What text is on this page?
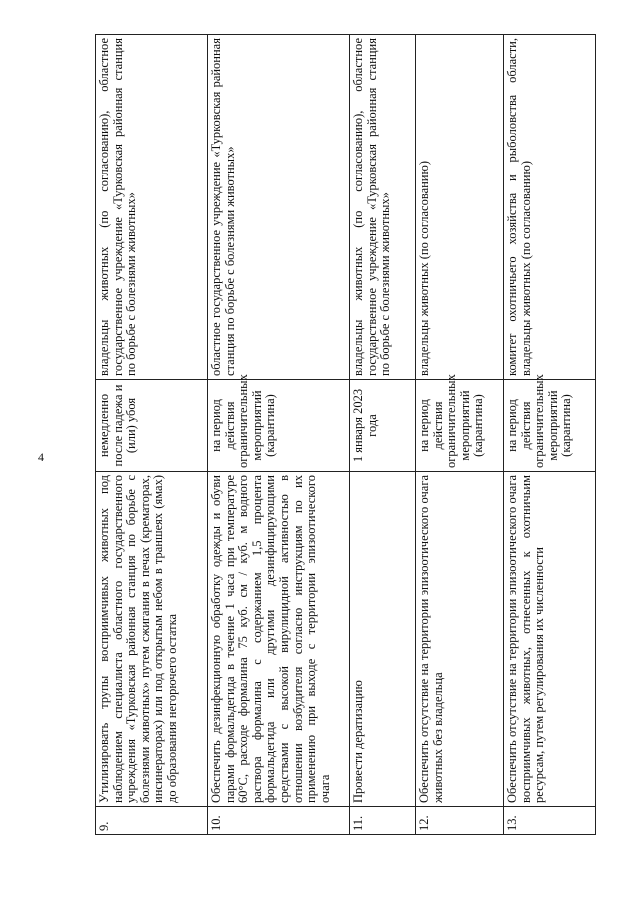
4
9.	Утилизировать трупы восприимчивых животных под наблюдением специалиста областного государственного учреждения «Турковская районная станция по борьбе с болезнями животных» путем сжигания в печах (крематорах, инсинераторах) или под открытым небом в траншеях (ямах) до образования негорючего остатка	немедленно после падежа и (или) убоя	владельцы животных (по согласованию), областное государственное учреждение «Турковская районная станция по борьбе с болезнями животных»
10.	Обеспечить дезинфекционную обработку одежды и обуви парами формальдегида в течение 1 часа при температуре 60°С, расходе формалина 75 куб. см / куб. м водного раствора формалина с содержанием 1,5 процента формальдегида или другими дезинфицирующими средствами с высокой вирулицидной активностью в отношении возбудителя согласно инструкциям по их применению при выходе с территории эпизоотического очага	на период действия ограничительных мероприятий (карантина)	областное государственное учреждение «Турковская районная станция по борьбе с болезнями животных»
11.	Провести дератизацию	1 января 2023 года	владельцы животных (по согласованию), областное государственное учреждение «Турковская районная станция по борьбе с болезнями животных»
12.	Обеспечить отсутствие на территории эпизоотического очага животных без владельца	на период действия ограничительных мероприятий (карантина)	владельцы животных (по согласованию)
13.	Обеспечить отсутствие на территории эпизоотического очага восприимчивых животных, отнесенных к охотничьим ресурсам, путем регулирования их численности	на период действия ограничительных мероприятий (карантина)	комитет охотничьего хозяйства и рыболовства области, владельцы животных (по согласованию)
